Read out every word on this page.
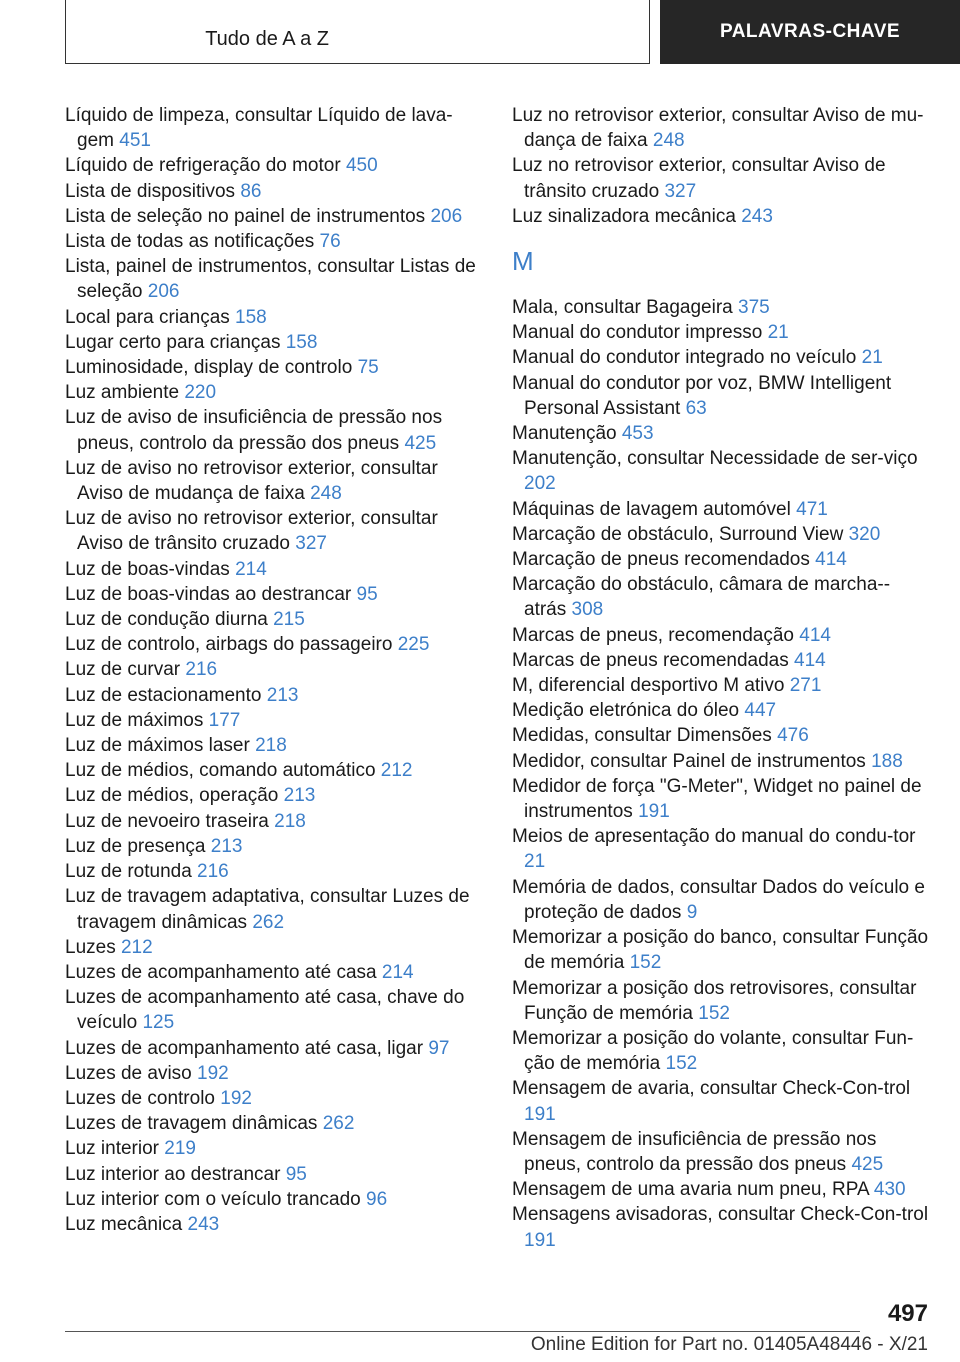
Tudo de A a Z	PALAVRAS-CHAVE
Líquido de limpeza, consultar Líquido de lava-gem 451
Líquido de refrigeração do motor 450
Lista de dispositivos 86
Lista de seleção no painel de instrumentos 206
Lista de todas as notificações 76
Lista, painel de instrumentos, consultar Listas de seleção 206
Local para crianças 158
Lugar certo para crianças 158
Luminosidade, display de controlo 75
Luz ambiente 220
Luz de aviso de insuficiência de pressão nos pneus, controlo da pressão dos pneus 425
Luz de aviso no retrovisor exterior, consultar Aviso de mudança de faixa 248
Luz de aviso no retrovisor exterior, consultar Aviso de trânsito cruzado 327
Luz de boas-vindas 214
Luz de boas-vindas ao destrancar 95
Luz de condução diurna 215
Luz de controlo, airbags do passageiro 225
Luz de curvar 216
Luz de estacionamento 213
Luz de máximos 177
Luz de máximos laser 218
Luz de médios, comando automático 212
Luz de médios, operação 213
Luz de nevoeiro traseira 218
Luz de presença 213
Luz de rotunda 216
Luz de travagem adaptativa, consultar Luzes de travagem dinâmicas 262
Luzes 212
Luzes de acompanhamento até casa 214
Luzes de acompanhamento até casa, chave do veículo 125
Luzes de acompanhamento até casa, ligar 97
Luzes de aviso 192
Luzes de controlo 192
Luzes de travagem dinâmicas 262
Luz interior 219
Luz interior ao destrancar 95
Luz interior com o veículo trancado 96
Luz mecânica 243
Luz no retrovisor exterior, consultar Aviso de mu-dança de faixa 248
Luz no retrovisor exterior, consultar Aviso de trânsito cruzado 327
Luz sinalizadora mecânica 243
M
Mala, consultar Bagageira 375
Manual do condutor impresso 21
Manual do condutor integrado no veículo 21
Manual do condutor por voz, BMW Intelligent Personal Assistant 63
Manutenção 453
Manutenção, consultar Necessidade de ser-viço 202
Máquinas de lavagem automóvel 471
Marcação de obstáculo, Surround View 320
Marcação de pneus recomendados 414
Marcação do obstáculo, câmara de marcha--atrás 308
Marcas de pneus, recomendação 414
Marcas de pneus recomendadas 414
M, diferencial desportivo M ativo 271
Medição eletrónica do óleo 447
Medidas, consultar Dimensões 476
Medidor, consultar Painel de instrumentos 188
Medidor de força "G-Meter", Widget no painel de instrumentos 191
Meios de apresentação do manual do condu-tor 21
Memória de dados, consultar Dados do veículo e proteção de dados 9
Memorizar a posição do banco, consultar Função de memória 152
Memorizar a posição dos retrovisores, consultar Função de memória 152
Memorizar a posição do volante, consultar Fun-ção de memória 152
Mensagem de avaria, consultar Check-Con-trol 191
Mensagem de insuficiência de pressão nos pneus, controlo da pressão dos pneus 425
Mensagem de uma avaria num pneu, RPA 430
Mensagens avisadoras, consultar Check-Con-trol 191
497
Online Edition for Part no. 01405A48446 - X/21
